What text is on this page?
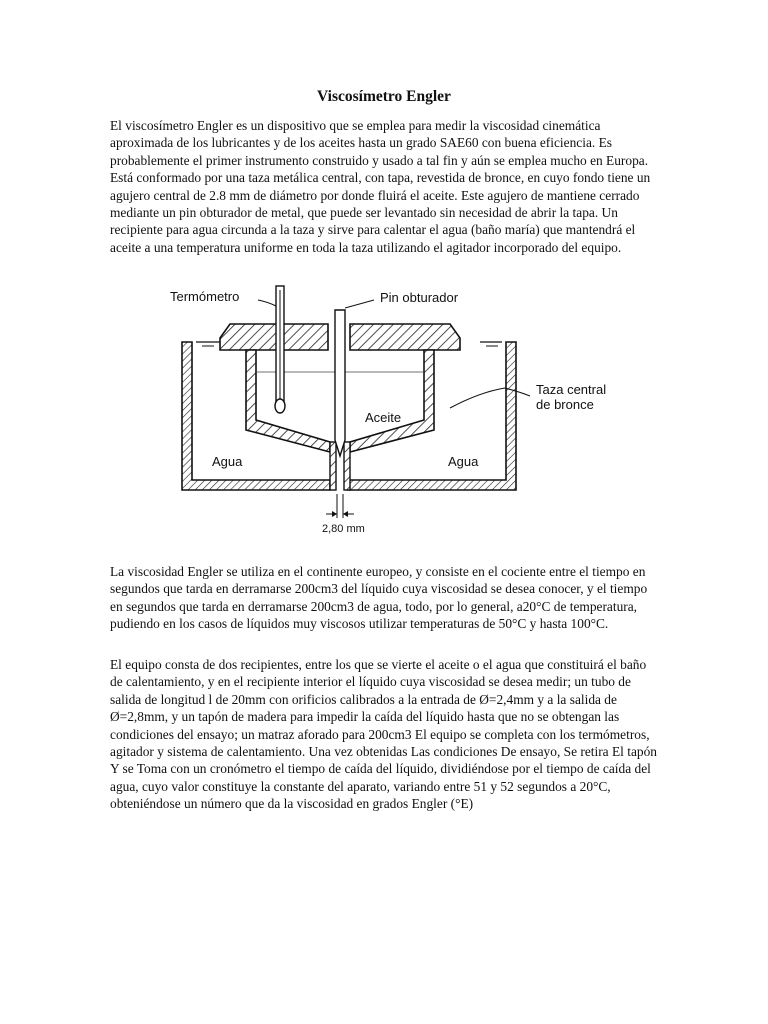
Viscosímetro Engler

El viscosímetro Engler es un dispositivo que se emplea para medir la viscosidad cinemática aproximada de los lubricantes y de los aceites hasta un grado SAE60 con buena eficiencia. Es probablemente el primer instrumento construido y usado a tal fin y aún se emplea mucho en Europa. Está conformado por una taza metálica central, con tapa, revestida de bronce, en cuyo fondo tiene un agujero central de 2.8 mm de diámetro por donde fluirá el aceite. Este agujero de mantiene cerrado mediante un pin obturador de metal, que puede ser levantado sin necesidad de abrir la tapa. Un recipiente para agua circunda a la taza y sirve para calentar el agua (baño maría) que mantendrá el aceite a una temperatura uniforme en toda la taza utilizando el agitador incorporado del equipo.

Termómetro	Pin obturador
Taza central
de bronce
Aceite
Agua	Agua
2,80 mm

La viscosidad Engler se utiliza en el continente europeo, y consiste en el cociente entre el tiempo en segundos que tarda en derramarse 200cm3 del líquido cuya viscosidad se desea conocer, y el tiempo en segundos que tarda en derramarse 200cm3 de agua, todo, por lo general, a20°C de temperatura, pudiendo en los casos de líquidos muy viscosos utilizar temperaturas de 50°C y hasta 100°C.

El equipo consta de dos recipientes, entre los que se vierte el aceite o el agua que constituirá el baño de calentamiento, y en el recipiente interior el líquido cuya viscosidad se desea medir; un tubo de salida de longitud l de 20mm con orificios calibrados a la entrada de Ø=2,4mm y a la salida de Ø=2,8mm, y un tapón de madera para impedir la caída del líquido hasta que no se obtengan las condiciones del ensayo; un matraz aforado para 200cm3 El equipo se completa con los termómetros, agitador y sistema de calentamiento. Una vez obtenidas Las condiciones De ensayo, Se retira El tapón Y se Toma con un cronómetro el tiempo de caída del líquido, dividiéndose por el tiempo de caída del agua, cuyo valor constituye la constante del aparato, variando entre 51 y 52 segundos a 20°C, obteniéndose un número que da la viscosidad en grados Engler (°E)
